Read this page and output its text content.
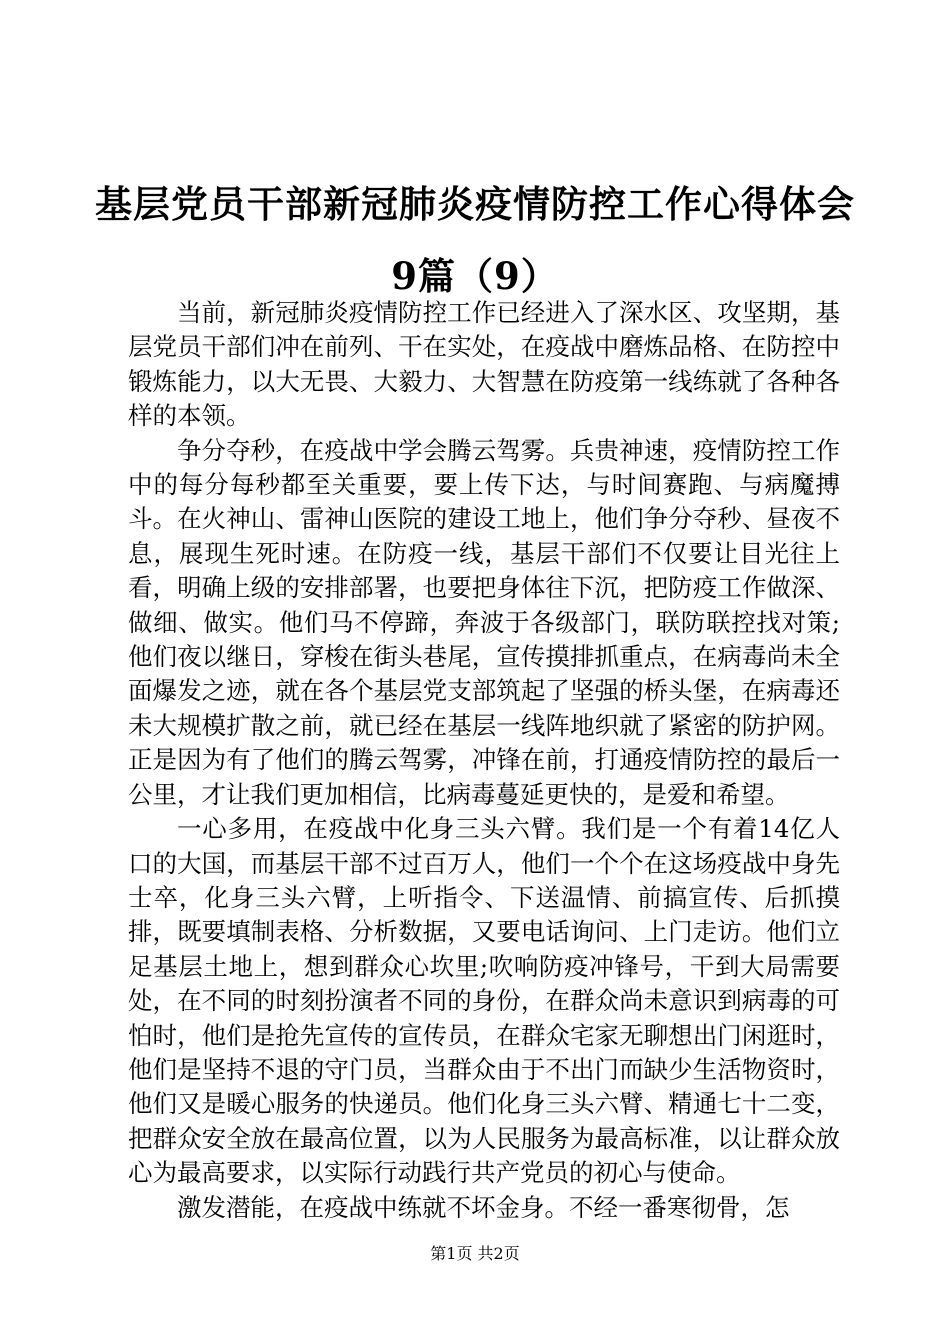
基层党员干部新冠肺炎疫情防控工作心得体会
9篇（9）

当前，新冠肺炎疫情防控工作已经进入了深水区、攻坚期，基层党员干部们冲在前列、干在实处，在疫战中磨炼品格、在防控中锻炼能力，以大无畏、大毅力、大智慧在防疫第一线练就了各种各样的本领。

争分夺秒，在疫战中学会腾云驾雾。兵贵神速，疫情防控工作中的每分每秒都至关重要，要上传下达，与时间赛跑、与病魔搏斗。在火神山、雷神山医院的建设工地上，他们争分夺秒、昼夜不息，展现生死时速。在防疫一线，基层干部们不仅要让目光往上看，明确上级的安排部署，也要把身体往下沉，把防疫工作做深、做细、做实。他们马不停蹄，奔波于各级部门，联防联控找对策;他们夜以继日，穿梭在街头巷尾，宣传摸排抓重点，在病毒尚未全面爆发之迹，就在各个基层党支部筑起了坚强的桥头堡，在病毒还未大规模扩散之前，就已经在基层一线阵地织就了紧密的防护网。正是因为有了他们的腾云驾雾，冲锋在前，打通疫情防控的最后一公里，才让我们更加相信，比病毒蔓延更快的，是爱和希望。

一心多用，在疫战中化身三头六臂。我们是一个有着14亿人口的大国，而基层干部不过百万人，他们一个个在这场疫战中身先士卒，化身三头六臂，上听指令、下送温情、前搞宣传、后抓摸排，既要填制表格、分析数据，又要电话询问、上门走访。他们立足基层土地上，想到群众心坎里;吹响防疫冲锋号，干到大局需要处，在不同的时刻扮演者不同的身份，在群众尚未意识到病毒的可怕时，他们是抢先宣传的宣传员，在群众宅家无聊想出门闲逛时，他们是坚持不退的守门员，当群众由于不出门而缺少生活物资时，他们又是暖心服务的快递员。他们化身三头六臂、精通七十二变，把群众安全放在最高位置，以为人民服务为最高标准，以让群众放心为最高要求，以实际行动践行共产党员的初心与使命。

激发潜能，在疫战中练就不坏金身。不经一番寒彻骨，怎

第1页 共2页
